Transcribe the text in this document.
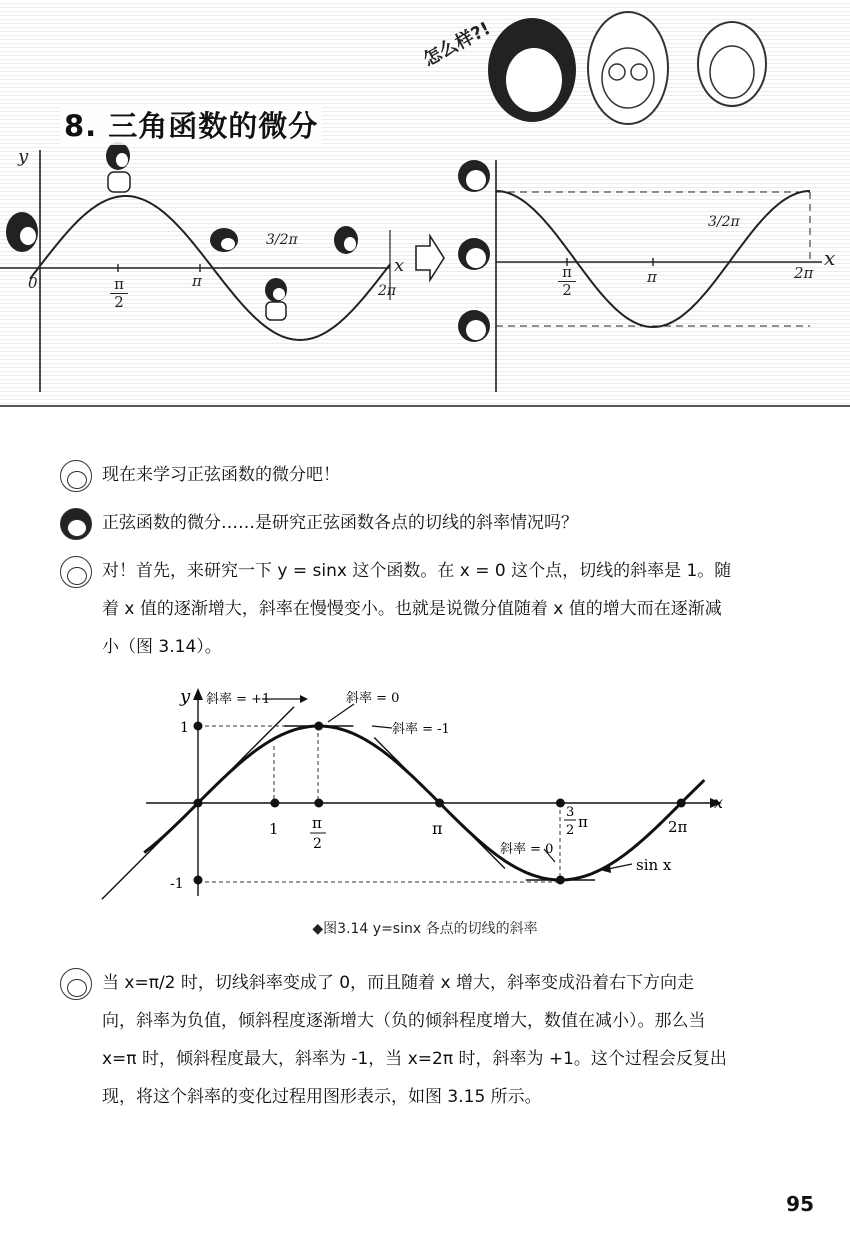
8. 三角函数的微分
怎么样?!
y
x
0	$\frac{\pi}{2}$	π
3/2π
2π
x
$\frac{\pi}{2}$	π
3/2π
2π
现在来学习正弦函数的微分吧！
正弦函数的微分……是研究正弦函数各点的切线的斜率情况吗？
对！首先，来研究一下 y = sinx 这个函数。在 x = 0 这个点，切线的斜率是 1。随
着 x 值的逐渐增大，斜率在慢慢变小。也就是说微分值随着 x 值的增大而在逐渐减
小（图 3.14）。
y
x
1
-1
1 π
2
π
3
2 π	2π
斜率 = +1	斜率 = 0
斜率 = -1
斜率 = 0
sin x
◆图3.14 y=sinx 各点的切线的斜率
当 x=π/2 时，切线斜率变成了 0，而且随着 x 增大，斜率变成沿着右下方向走
向，斜率为负值，倾斜程度逐渐增大（负的倾斜程度增大，数值在减小）。那么当
x=π 时，倾斜程度最大，斜率为 -1，当 x=2π 时，斜率为 +1。这个过程会反复出
现，将这个斜率的变化过程用图形表示，如图 3.15 所示。
95
